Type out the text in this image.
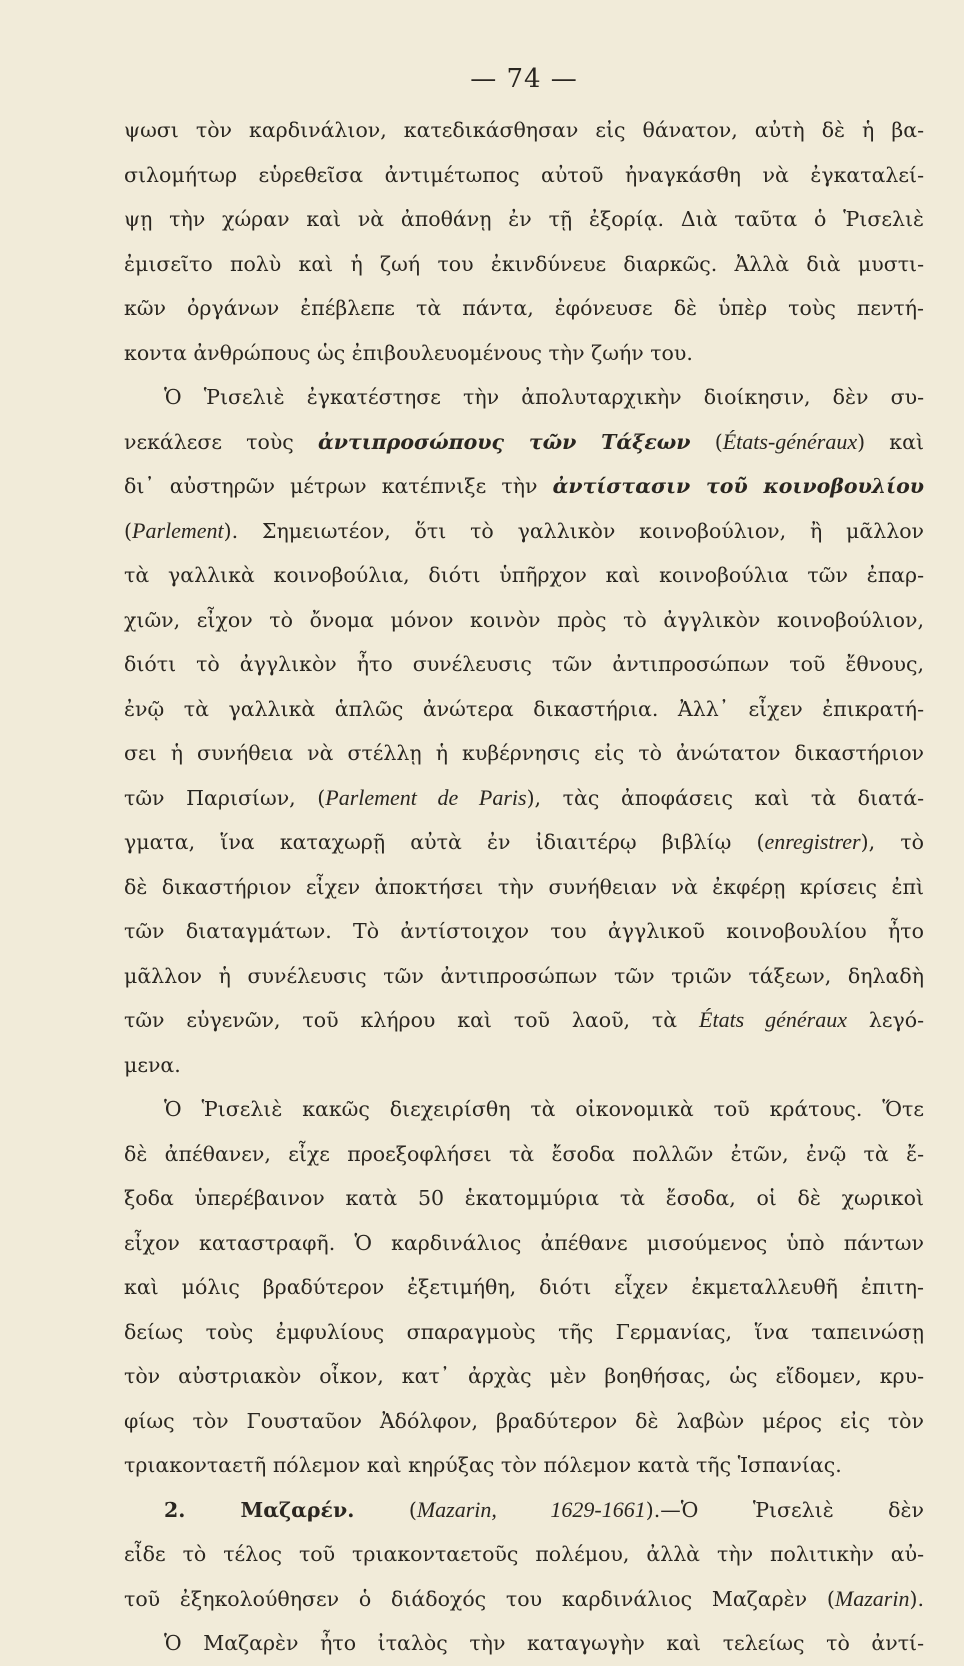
— 74 —
ψωσι τὸν καρδινάλιον, κατεδικάσθησαν εἰς θάνατον, αὐτὴ δὲ ἡ βα-
σιλομήτωρ εὑρεθεῖσα ἀντιμέτωπος αὐτοῦ ἠναγκάσθη νὰ ἐγκαταλεί-
ψῃ τὴν χώραν καὶ νὰ ἀποθάνῃ ἐν τῇ ἐξορίᾳ. Διὰ ταῦτα ὁ Ῥισελιὲ
ἐμισεῖτο πολὺ καὶ ἡ ζωή του ἐκινδύνευε διαρκῶς. Ἀλλὰ διὰ μυστι-
κῶν ὀργάνων ἐπέβλεπε τὰ πάντα, ἐφόνευσε δὲ ὑπὲρ τοὺς πεντή-
κοντα ἀνθρώπους ὡς ἐπιβουλευομένους τὴν ζωήν του.
Ὁ Ῥισελιὲ ἐγκατέστησε τὴν ἀπολυταρχικὴν διοίκησιν, δὲν συ-
νεκάλεσε τοὺς ἀντιπροσώπους τῶν Τάξεων (États-généraux) καὶ
δι᾽ αὐστηρῶν μέτρων κατέπνιξε τὴν ἀντίστασιν τοῦ κοινοβουλίου
(Parlement). Σημειωτέον, ὅτι τὸ γαλλικὸν κοινοβούλιον, ἢ μᾶλλον
τὰ γαλλικὰ κοινοβούλια, διότι ὑπῆρχον καὶ κοινοβούλια τῶν ἐπαρ-
χιῶν, εἶχον τὸ ὄνομα μόνον κοινὸν πρὸς τὸ ἀγγλικὸν κοινοβούλιον,
διότι τὸ ἀγγλικὸν ἦτο συνέλευσις τῶν ἀντιπροσώπων τοῦ ἔθνους,
ἐνῷ τὰ γαλλικὰ ἁπλῶς ἀνώτερα δικαστήρια. Ἀλλ᾽ εἶχεν ἐπικρατή-
σει ἡ συνήθεια νὰ στέλλῃ ἡ κυβέρνησις εἰς τὸ ἀνώτατον δικαστήριον
τῶν Παρισίων, (Parlement de Paris), τὰς ἀποφάσεις καὶ τὰ διατά-
γματα, ἵνα καταχωρῇ αὐτὰ ἐν ἰδιαιτέρῳ βιβλίῳ (enregistrer), τὸ
δὲ δικαστήριον εἶχεν ἀποκτήσει τὴν συνήθειαν νὰ ἐκφέρῃ κρίσεις ἐπὶ
τῶν διαταγμάτων. Τὸ ἀντίστοιχον του ἀγγλικοῦ κοινοβουλίου ἦτο
μᾶλλον ἡ συνέλευσις τῶν ἀντιπροσώπων τῶν τριῶν τάξεων, δηλαδὴ
τῶν εὐγενῶν, τοῦ κλήρου καὶ τοῦ λαοῦ, τὰ États généraux λεγό-
μενα.
Ὁ Ῥισελιὲ κακῶς διεχειρίσθη τὰ οἰκονομικὰ τοῦ κράτους. Ὅτε
δὲ ἀπέθανεν, εἶχε προεξοφλήσει τὰ ἔσοδα πολλῶν ἐτῶν, ἐνῷ τὰ ἔ-
ξοδα ὑπερέβαινον κατὰ 50 ἑκατομμύρια τὰ ἔσοδα, οἱ δὲ χωρικοὶ
εἶχον καταστραφῆ. Ὁ καρδινάλιος ἀπέθανε μισούμενος ὑπὸ πάντων
καὶ μόλις βραδύτερον ἐξετιμήθη, διότι εἶχεν ἐκμεταλλευθῆ ἐπιτη-
δείως τοὺς ἐμφυλίους σπαραγμοὺς τῆς Γερμανίας, ἵνα ταπεινώσῃ
τὸν αὐστριακὸν οἶκον, κατ᾽ ἀρχὰς μὲν βοηθήσας, ὡς εἴδομεν, κρυ-
φίως τὸν Γουσταῦον Ἀδόλφον, βραδύτερον δὲ λαβὼν μέρος εἰς τὸν
τριακονταετῆ πόλεμον καὶ κηρύξας τὸν πόλεμον κατὰ τῆς Ἱσπανίας.
2. Μαζαρέν. (Mazarin, 1629-1661).—Ὁ Ῥισελιὲ δὲν
εἶδε τὸ τέλος τοῦ τριακονταετοῦς πολέμου, ἀλλὰ τὴν πολιτικὴν αὐ-
τοῦ ἐξηκολούθησεν ὁ διάδοχός του καρδινάλιος Μαζαρὲν (Mazarin).
Ὁ Μαζαρὲν ἦτο ἰταλὸς τὴν καταγωγὴν καὶ τελείως τὸ ἀντί-
